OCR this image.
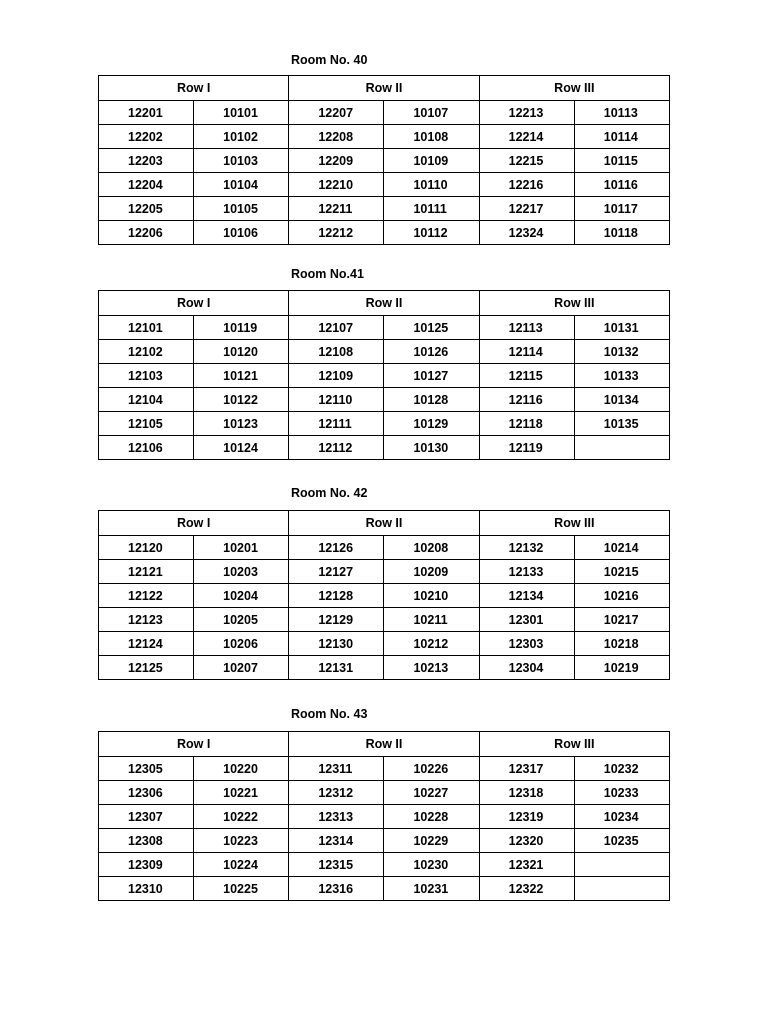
Room No. 40
Row I		Row II		Row III	
12201	10101	12207	10107	12213	10113
12202	10102	12208	10108	12214	10114
12203	10103	12209	10109	12215	10115
12204	10104	12210	10110	12216	10116
12205	10105	12211	10111	12217	10117
12206	10106	12212	10112	12324	10118
Room No.41
Row I		Row II		Row III	
12101	10119	12107	10125	12113	10131
12102	10120	12108	10126	12114	10132
12103	10121	12109	10127	12115	10133
12104	10122	12110	10128	12116	10134
12105	10123	12111	10129	12118	10135
12106	10124	12112	10130	12119	
Room No. 42
Row I		Row II		Row III	
12120	10201	12126	10208	12132	10214
12121	10203	12127	10209	12133	10215
12122	10204	12128	10210	12134	10216
12123	10205	12129	10211	12301	10217
12124	10206	12130	10212	12303	10218
12125	10207	12131	10213	12304	10219
Room No. 43
Row I		Row II		Row III	
12305	10220	12311	10226	12317	10232
12306	10221	12312	10227	12318	10233
12307	10222	12313	10228	12319	10234
12308	10223	12314	10229	12320	10235
12309	10224	12315	10230	12321	
12310	10225	12316	10231	12322	
